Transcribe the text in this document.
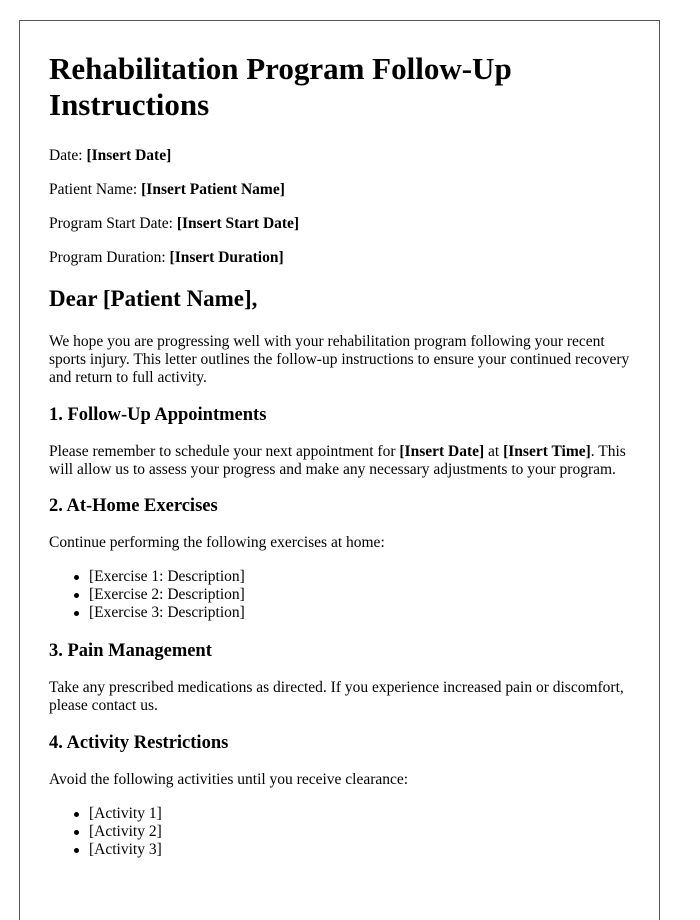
Rehabilitation Program Follow-Up Instructions

Date: [Insert Date]

Patient Name: [Insert Patient Name]

Program Start Date: [Insert Start Date]

Program Duration: [Insert Duration]

Dear [Patient Name],

We hope you are progressing well with your rehabilitation program following your recent sports injury. This letter outlines the follow-up instructions to ensure your continued recovery and return to full activity.

1. Follow-Up Appointments

Please remember to schedule your next appointment for [Insert Date] at [Insert Time]. This will allow us to assess your progress and make any necessary adjustments to your program.

2. At-Home Exercises

Continue performing the following exercises at home:

[Exercise 1: Description]
[Exercise 2: Description]
[Exercise 3: Description]
3. Pain Management

Take any prescribed medications as directed. If you experience increased pain or discomfort, please contact us.

4. Activity Restrictions

Avoid the following activities until you receive clearance:

[Activity 1]
[Activity 2]
[Activity 3]
